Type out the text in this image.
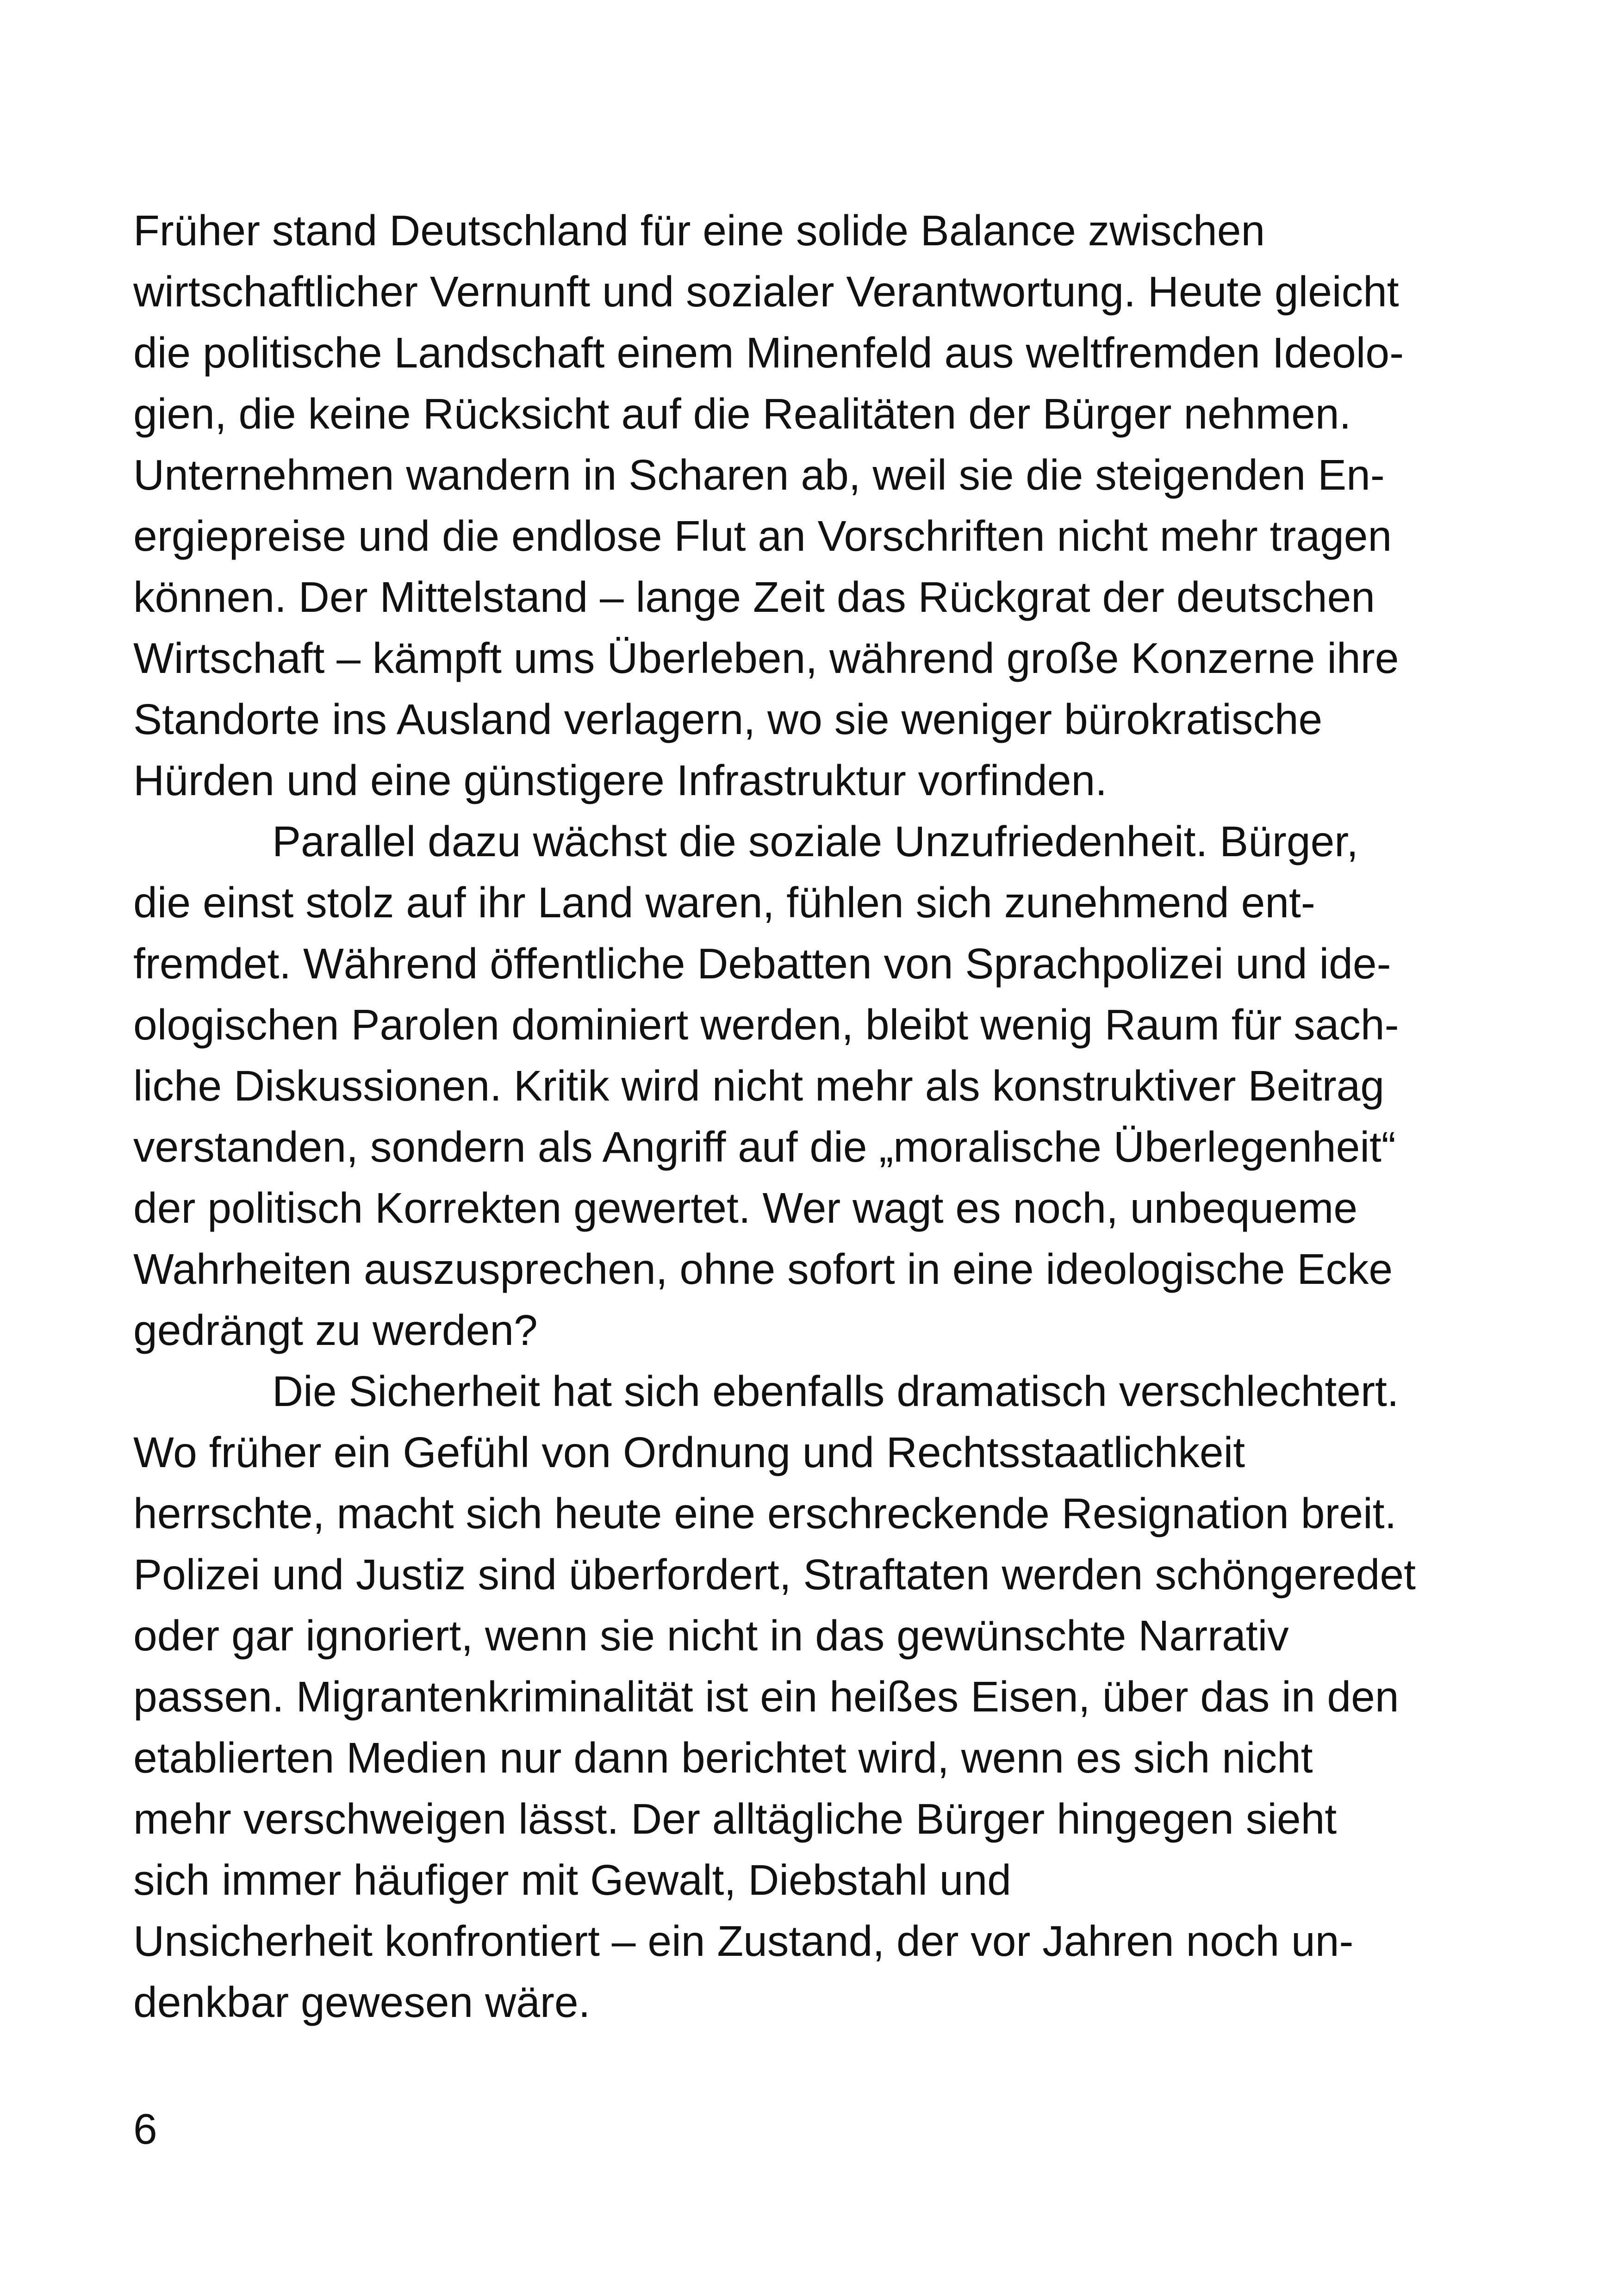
Früher stand Deutschland für eine solide Balance zwischen
wirtschaftlicher Vernunft und sozialer Verantwortung. Heute gleicht
die politische Landschaft einem Minenfeld aus weltfremden Ideolo-
gien, die keine Rücksicht auf die Realitäten der Bürger nehmen.
Unternehmen wandern in Scharen ab, weil sie die steigenden En-
ergiepreise und die endlose Flut an Vorschriften nicht mehr tragen
können. Der Mittelstand – lange Zeit das Rückgrat der deutschen
Wirtschaft – kämpft ums Überleben, während große Konzerne ihre
Standorte ins Ausland verlagern, wo sie weniger bürokratische
Hürden und eine günstigere Infrastruktur vorfinden.
Parallel dazu wächst die soziale Unzufriedenheit. Bürger,
die einst stolz auf ihr Land waren, fühlen sich zunehmend ent-
fremdet. Während öffentliche Debatten von Sprachpolizei und ide-
ologischen Parolen dominiert werden, bleibt wenig Raum für sach-
liche Diskussionen. Kritik wird nicht mehr als konstruktiver Beitrag
verstanden, sondern als Angriff auf die „moralische Überlegenheit“
der politisch Korrekten gewertet. Wer wagt es noch, unbequeme
Wahrheiten auszusprechen, ohne sofort in eine ideologische Ecke
gedrängt zu werden?
Die Sicherheit hat sich ebenfalls dramatisch verschlechtert.
Wo früher ein Gefühl von Ordnung und Rechtsstaatlichkeit
herrschte, macht sich heute eine erschreckende Resignation breit.
Polizei und Justiz sind überfordert, Straftaten werden schöngeredet
oder gar ignoriert, wenn sie nicht in das gewünschte Narrativ
passen. Migrantenkriminalität ist ein heißes Eisen, über das in den
etablierten Medien nur dann berichtet wird, wenn es sich nicht
mehr verschweigen lässt. Der alltägliche Bürger hingegen sieht
sich immer häufiger mit Gewalt, Diebstahl und
Unsicherheit konfrontiert – ein Zustand, der vor Jahren noch un-
denkbar gewesen wäre.
6
